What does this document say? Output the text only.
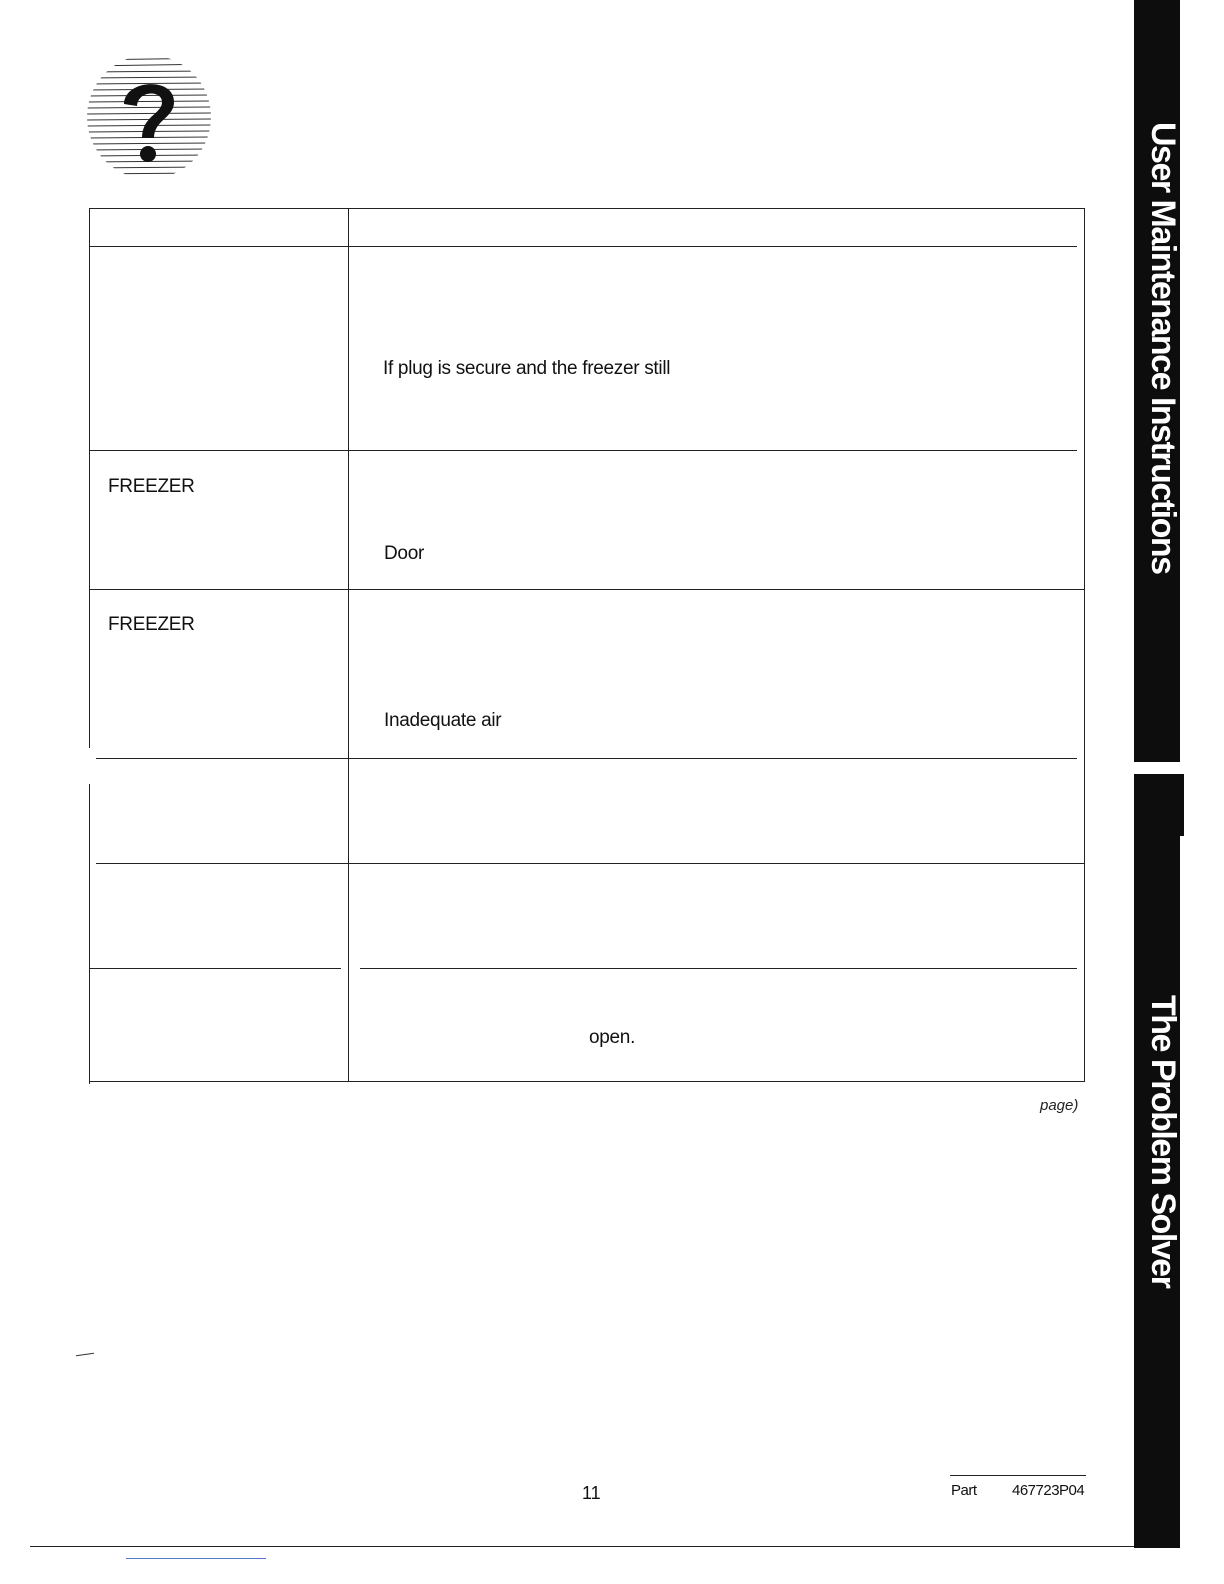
If plug is secure and the freezer still
FREEZER
Door
FREEZER
Inadequate air
open.
page)
11	Part 467723P04
User Maintenance Instructions
The Problem Solver
